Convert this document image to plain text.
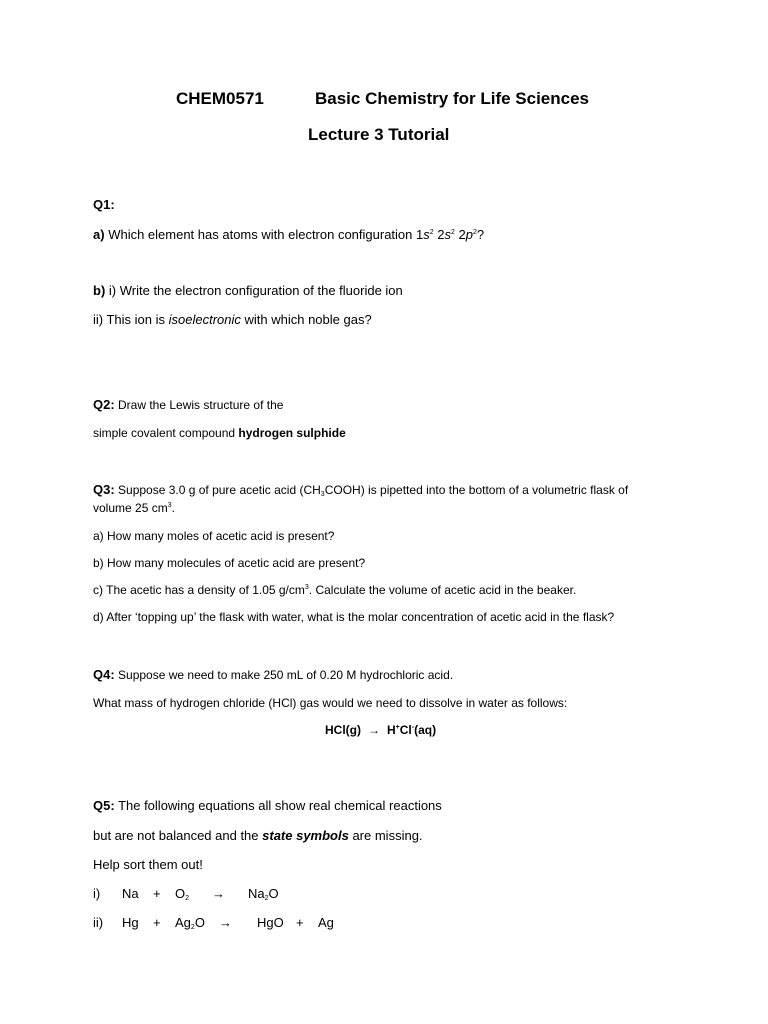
CHEM0571	Basic Chemistry for Life Sciences
Lecture 3 Tutorial
Q1:
a) Which element has atoms with electron configuration $1s^2$ $2s^2$ $2p^2$?
b) i) Write the electron configuration of the fluoride ion
ii) This ion is isoelectronic with which noble gas?
Q2: Draw the Lewis structure of the
simple covalent compound hydrogen sulphide
Q3: Suppose 3.0 g of pure acetic acid $(CH_3COOH)$ is pipetted into the bottom of a volumetric flask of
volume 25 $cm^3$.
a) How many moles of acetic acid is present?
b) How many molecules of acetic acid are present?
c) The acetic has a density of 1.05 $g/cm^3$. Calculate the volume of acetic acid in the beaker.
d) After ‘topping up’ the flask with water, what is the molar concentration of acetic acid in the flask?
Q4: Suppose we need to make 250 mL of 0.20 M hydrochloric acid.
What mass of hydrogen chloride (HCl) gas would we need to dissolve in water as follows:
HCl(g) → H+Cl-(aq)
Q5: The following equations all show real chemical reactions
but are not balanced and the state symbols are missing.
Help sort them out!
i) $Na + O_2 \to Na_2O$
ii) $Hg + Ag_2O$ → HgO + Ag
